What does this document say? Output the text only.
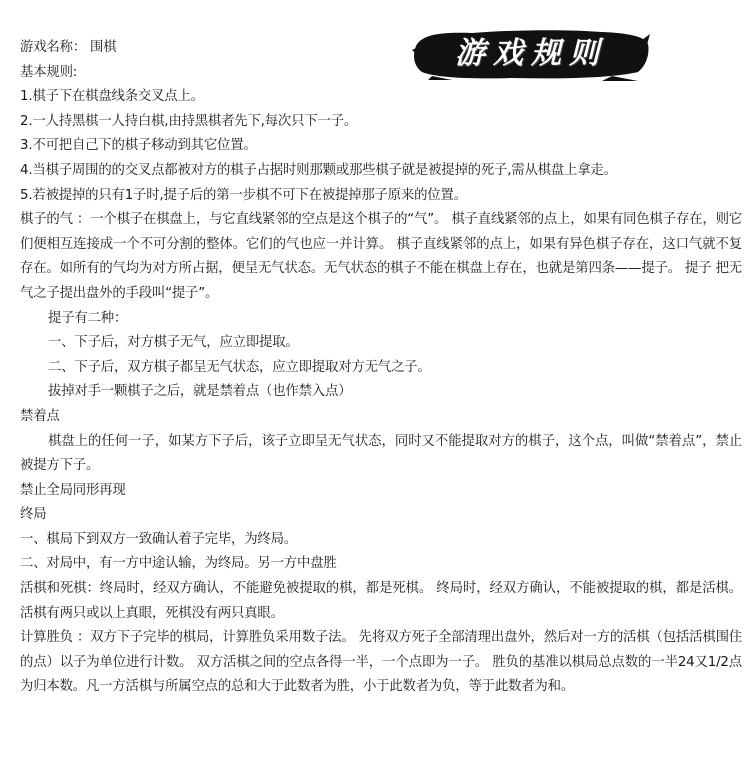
游戏规则
游戏名称： 围棋
基本规则:
1.棋子下在棋盘线条交叉点上。
2.一人持黑棋一人持白棋,由持黑棋者先下,每次只下一子。
3.不可把自己下的棋子移动到其它位置。
4.当棋子周围的的交叉点都被对方的棋子占据时则那颗或那些棋子就是被提掉的死子,需从棋盘上拿走。
5.若被提掉的只有1子时,提子后的第一步棋不可下在被提掉那子原来的位置。
棋子的气 ：一个棋子在棋盘上，与它直线紧邻的空点是这个棋子的“气”。 棋子直线紧邻的点上，如果有同色棋子存在，则它们便相互连接成一个不可分割的整体。它们的气也应一并计算。 棋子直线紧邻的点上，如果有异色棋子存在，这口气就不复存在。如所有的气均为对方所占据，便呈无气状态。无气状态的棋子不能在棋盘上存在，也就是第四条——提子。 提子 把无气之子提出盘外的手段叫“提子”。
提子有二种：
一、下子后，对方棋子无气，应立即提取。
二、下子后，双方棋子都呈无气状态，应立即提取对方无气之子。
拔掉对手一颗棋子之后，就是禁着点（也作禁入点）
禁着点
棋盘上的任何一子，如某方下子后，该子立即呈无气状态，同时又不能提取对方的棋子，这个点，叫做“禁着点”，禁止被提方下子。
禁止全局同形再现
终局
一、棋局下到双方一致确认着子完毕，为终局。
二、对局中，有一方中途认输，为终局。另一方中盘胜
活棋和死棋：终局时，经双方确认，不能避免被提取的棋，都是死棋。 终局时，经双方确认，不能被提取的棋，都是活棋。活棋有两只或以上真眼，死棋没有两只真眼。
计算胜负 ：双方下子完毕的棋局，计算胜负采用数子法。 先将双方死子全部清理出盘外，然后对一方的活棋（包括活棋围住的点）以子为单位进行计数。 双方活棋之间的空点各得一半，一个点即为一子。 胜负的基准以棋局总点数的一半24又1/2点为归本数。凡一方活棋与所属空点的总和大于此数者为胜，小于此数者为负，等于此数者为和。
